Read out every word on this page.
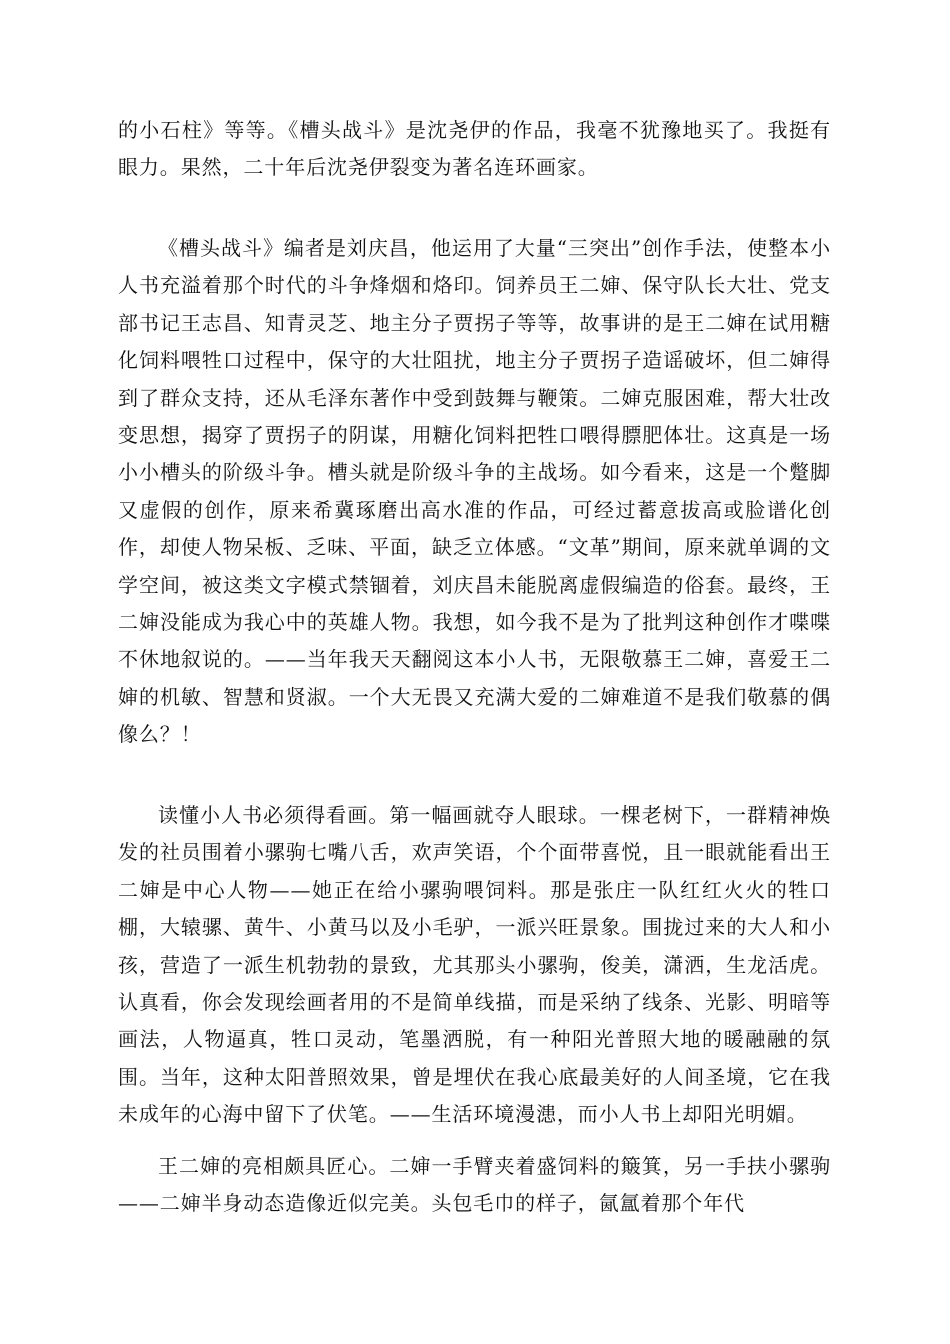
的小石柱》等等。《槽头战斗》是沈尧伊的作品，我毫不犹豫地买了。我挺有眼力。果然，二十年后沈尧伊裂变为著名连环画家。

《槽头战斗》编者是刘庆昌，他运用了大量“三突出”创作手法，使整本小人书充溢着那个时代的斗争烽烟和烙印。饲养员王二婶、保守队长大壮、党支部书记王志昌、知青灵芝、地主分子贾拐子等等，故事讲的是王二婶在试用糖化饲料喂牲口过程中，保守的大壮阻扰，地主分子贾拐子造谣破坏，但二婶得到了群众支持，还从毛泽东著作中受到鼓舞与鞭策。二婶克服困难，帮大壮改变思想，揭穿了贾拐子的阴谋，用糖化饲料把牲口喂得膘肥体壮。这真是一场小小槽头的阶级斗争。槽头就是阶级斗争的主战场。如今看来，这是一个蹩脚又虚假的创作，原来希冀琢磨出高水准的作品，可经过蓄意拔高或脸谱化创作，却使人物呆板、乏味、平面，缺乏立体感。“文革”期间，原来就单调的文学空间，被这类文字模式禁锢着，刘庆昌未能脱离虚假编造的俗套。最终，王二婶没能成为我心中的英雄人物。我想，如今我不是为了批判这种创作才喋喋不休地叙说的。——当年我天天翻阅这本小人书，无限敬慕王二婶，喜爱王二婶的机敏、智慧和贤淑。一个大无畏又充满大爱的二婶难道不是我们敬慕的偶像么？！

读懂小人书必须得看画。第一幅画就夺人眼球。一棵老树下，一群精神焕发的社员围着小骡驹七嘴八舌，欢声笑语，个个面带喜悦，且一眼就能看出王二婶是中心人物——她正在给小骡驹喂饲料。那是张庄一队红红火火的牲口棚，大辕骡、黄牛、小黄马以及小毛驴，一派兴旺景象。围拢过来的大人和小孩，营造了一派生机勃勃的景致，尤其那头小骡驹，俊美，潇洒，生龙活虎。认真看，你会发现绘画者用的不是简单线描，而是采纳了线条、光影、明暗等画法，人物逼真，牲口灵动，笔墨洒脱，有一种阳光普照大地的暖融融的氛围。当年，这种太阳普照效果，曾是埋伏在我心底最美好的人间圣境，它在我未成年的心海中留下了伏笔。——生活环境漫漶，而小人书上却阳光明媚。

王二婶的亮相颇具匠心。二婶一手臂夹着盛饲料的簸箕，另一手扶小骡驹——二婶半身动态造像近似完美。头包毛巾的样子，氤氲着那个年代
